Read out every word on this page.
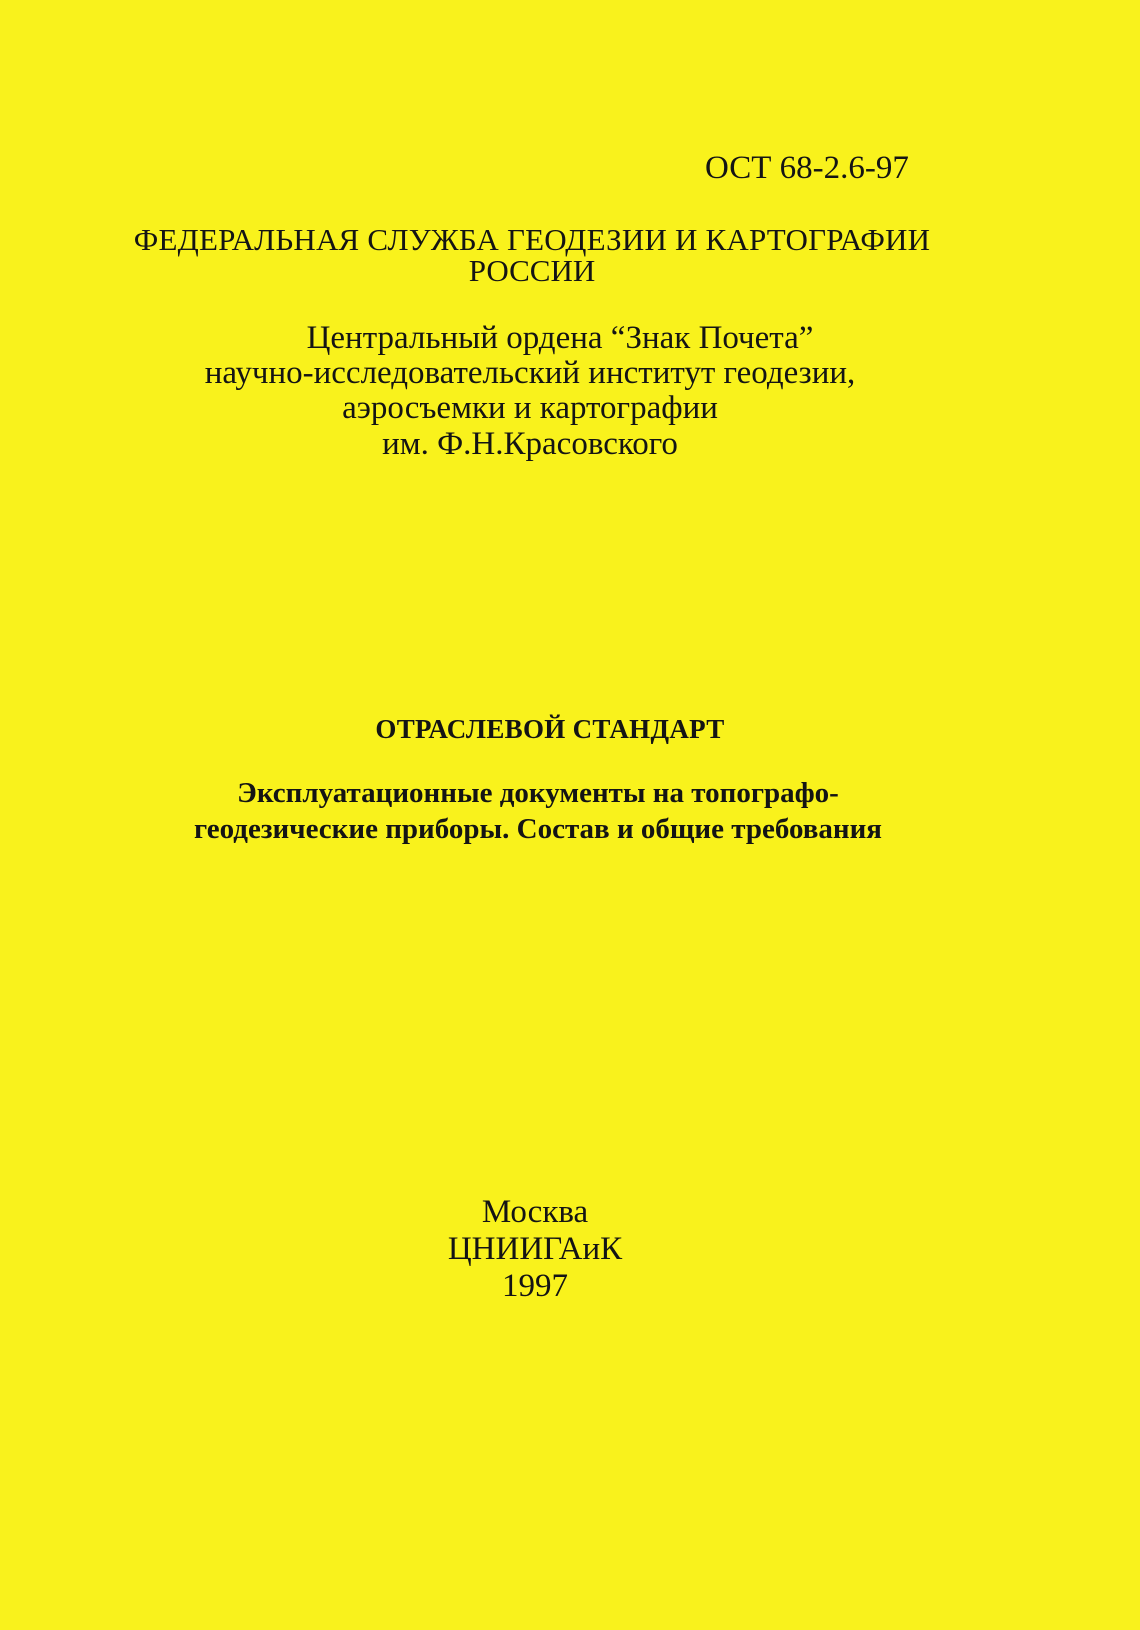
ОСТ 68-2.6-97
ФЕДЕРАЛЬНАЯ СЛУЖБА ГЕОДЕЗИИ И КАРТОГРАФИИ
РОССИИ
Центральный ордена “Знак Почета”
научно-исследовательский институт геодезии,
аэросъемки и картографии
им. Ф.Н.Красовского
ОТРАСЛЕВОЙ СТАНДАРТ
Эксплуатационные документы на топографо-
геодезические приборы. Состав и общие требования
Москва
ЦНИИГАиК
1997
